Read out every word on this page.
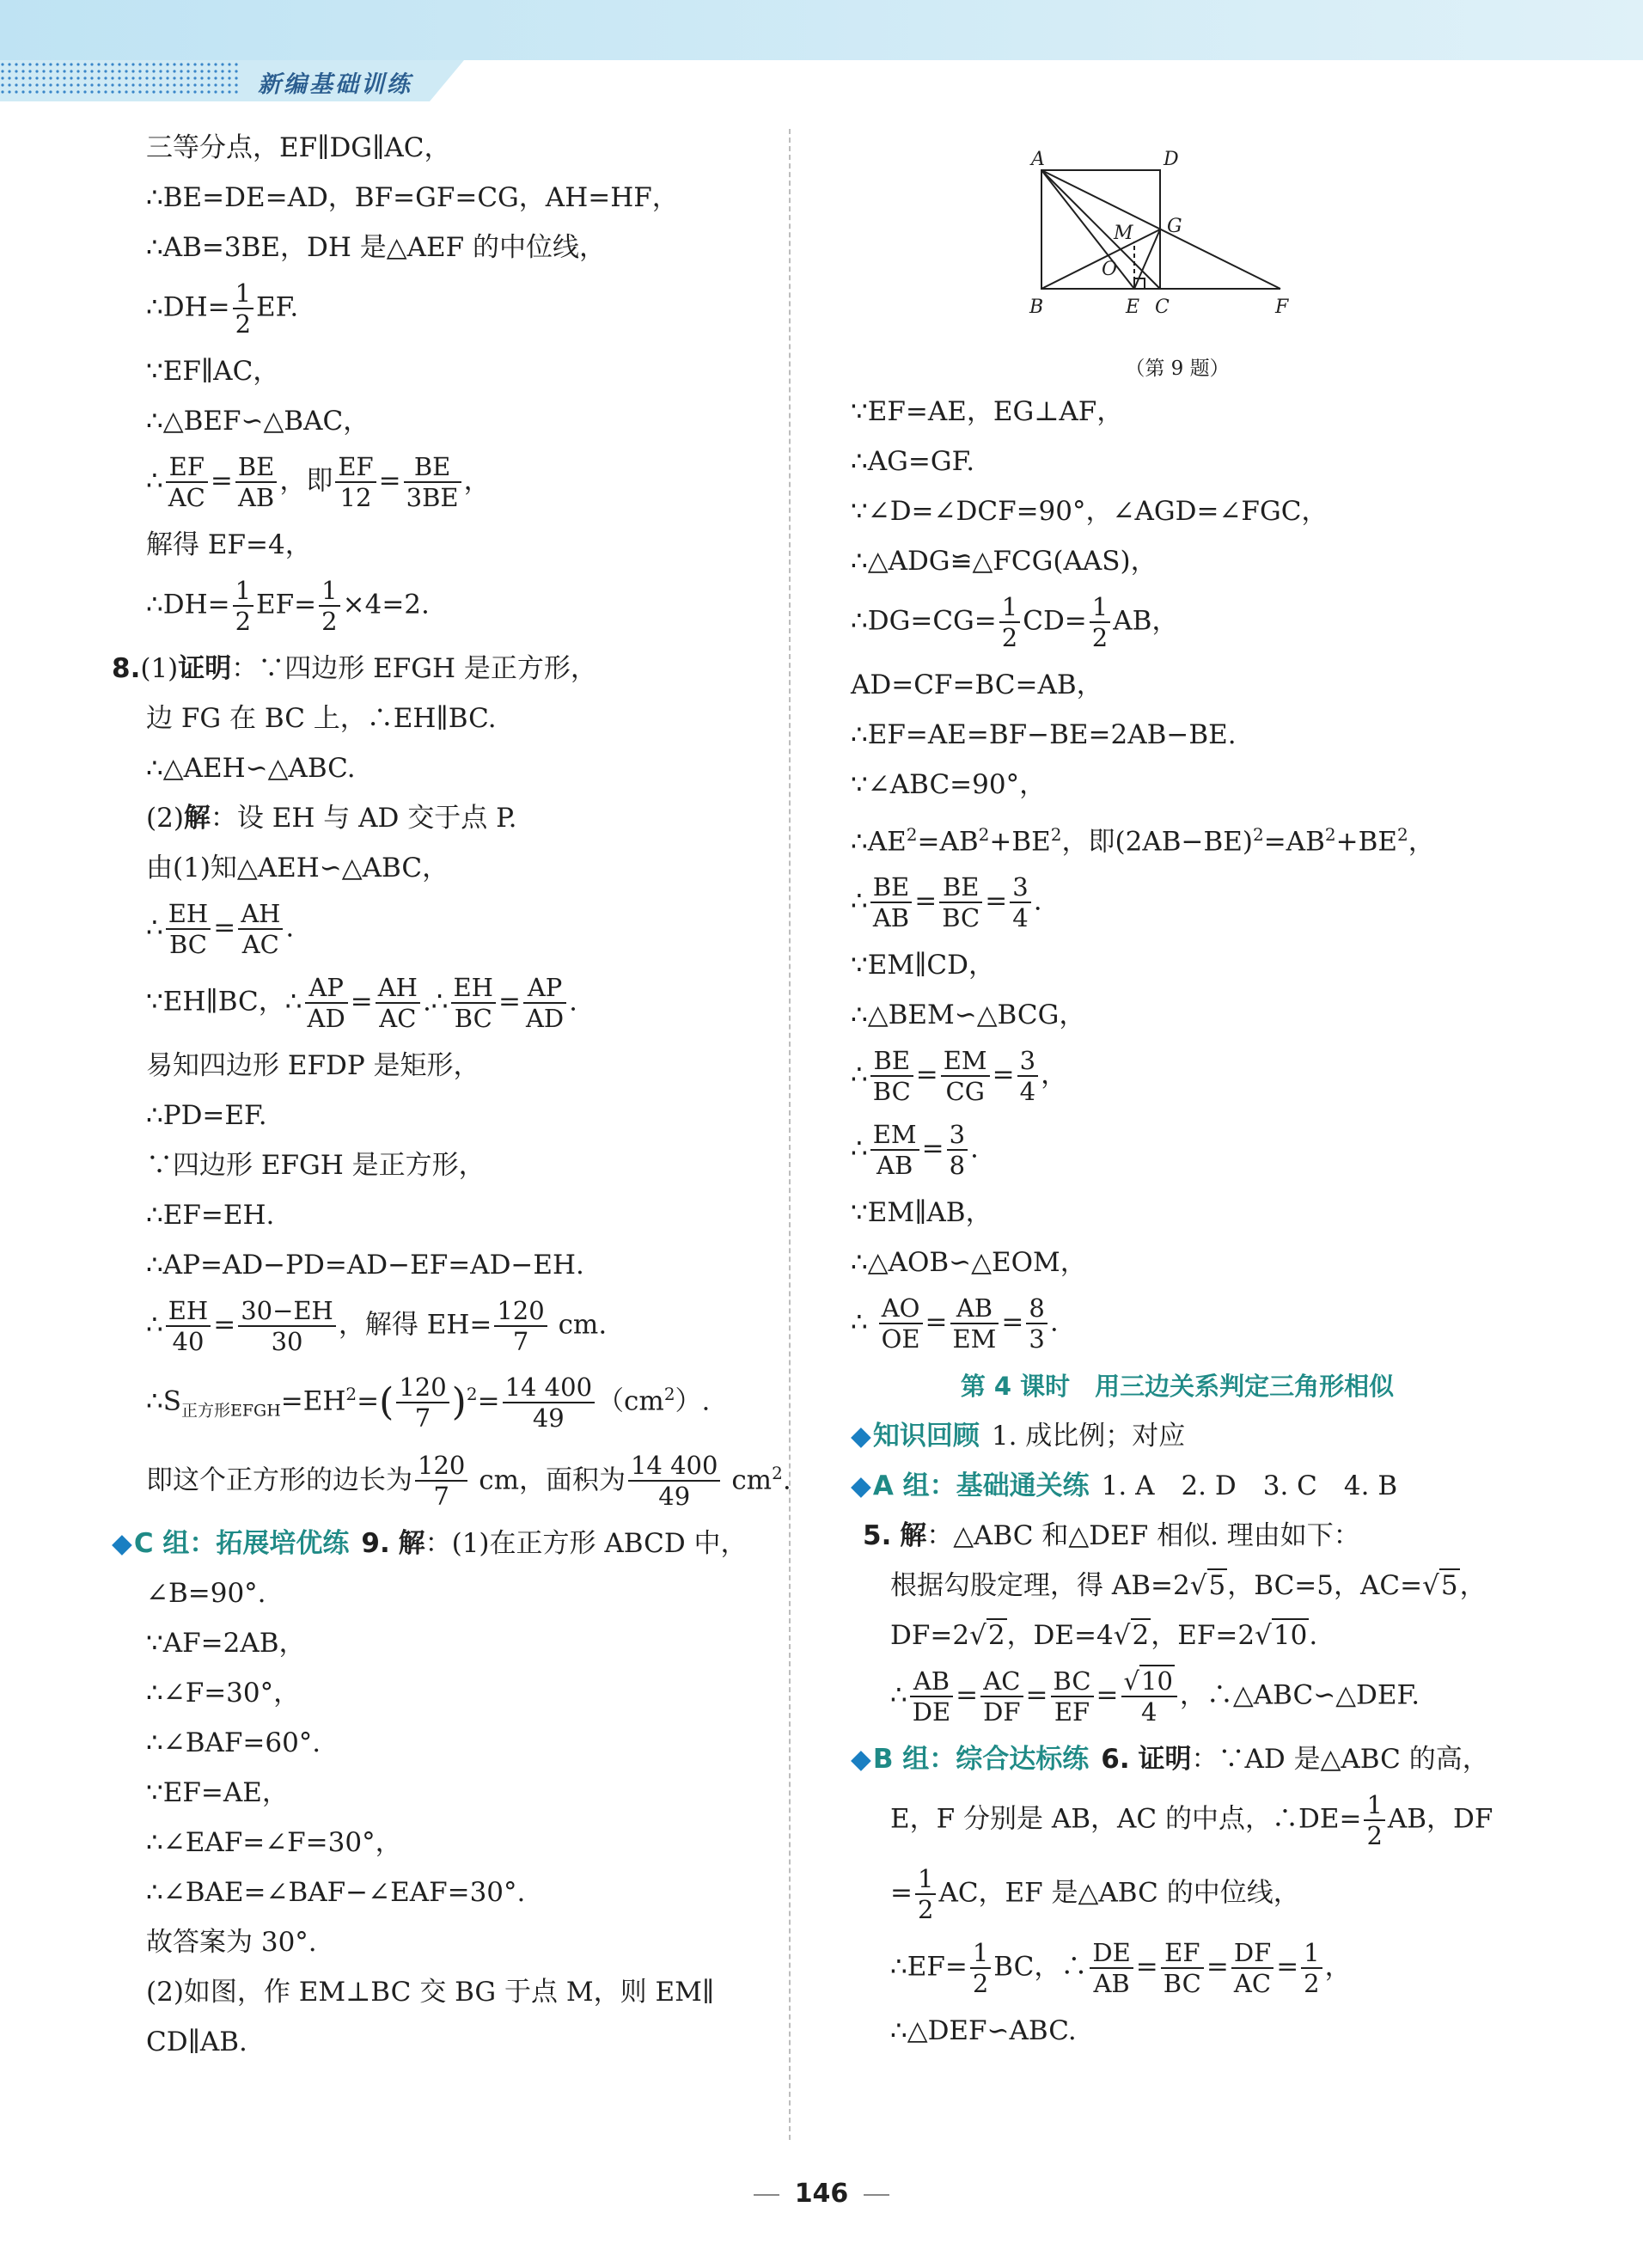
新编基础训练
三等分点，EF∥DG∥AC，
∴BE=DE=AD，BF=GF=CG，AH=HF，
∴AB=3BE，DH 是△AEF 的中位线，
∴DH= $\frac{1}{2}$ EF.
∵EF∥AC，
∴△BEF∽△BAC，
∴ $\frac{EF}{AC} = \frac{BE}{AB}$ ，即 $\frac{EF}{12} = \frac{BE}{3BE}$ ，
解得 EF=4，
∴DH= $\frac{1}{2} EF= \frac{1}{2} \times 4=2$.
8.(1)证明：∵四边形 EFGH 是正方形，
边 FG 在 BC 上，∴EH∥BC.
∴△AEH∽△ABC.
(2)解：设 EH 与 AD 交于点 P.
由(1)知△AEH∽△ABC，
∴ $\frac{EH}{BC} = \frac{AH}{AC}$ .
∵EH∥BC，∴ $\frac{AP}{AD} = \frac{AH}{AC}$ .∴ $\frac{EH}{BC} = \frac{AP}{AD}$ .
易知四边形 EFDP 是矩形，
∴PD=EF.
∵四边形 EFGH 是正方形，
∴EF=EH.
∴AP=AD−PD=AD−EF=AD−EH.
∴ $\frac{EH}{40} = \frac{30-EH}{30}$ ，解得 $EH= \frac{120}{7}$ cm.
$\therefore S_{正方形EFGH}=EH^2=( \frac{120}{7} )^2= \frac{14 400}{49} (cm^2)$.
即这个正方形的边长为 $\frac{120}{7}$ cm，面积为 $\frac{14 400}{49} cm^2$.
◆C 组：拓展培优练 9. 解：(1)在正方形 ABCD 中，
∠B=90°.
∵AF=2AB，
∴∠F=30°，
∴∠BAF=60°.
∵EF=AE，
∴∠EAF=∠F=30°，
∴∠BAE=∠BAF−∠EAF=30°.
故答案为 30°.
(2)如图，作 EM⊥BC 交 BG 于点 M，则 EM∥
CD∥AB.
A	D
G
M
O
B	E C	F
（第 9 题）
∵EF=AE，EG⊥AF，
∴AG=GF.
∵∠D=∠DCF=90°，∠AGD=∠FGC，
∴△ADG≌△FCG(AAS)，
∴DG=CG= $\frac{1}{2} CD= \frac{1}{2}$ AB，
AD=CF=BC=AB，
∴EF=AE=BF−BE=2AB−BE.
∵∠ABC=90°，
$\therefore AE^2=AB^2+BE^2$，即$(2AB-BE)^2=AB^2+BE^2$，
∴ $\frac{BE}{AB} = \frac{BE}{BC} = \frac{3}{4}$ .
∵EM∥CD，
∴△BEM∽△BCG，
∴ $\frac{BE}{BC} = \frac{EM}{CG} = \frac{3}{4}$ ，
∴ $\frac{EM}{AB} = \frac{3}{8}$ .
∵EM∥AB，
∴△AOB∽△EOM，
∴ $\frac{AO}{OE} = \frac{AB}{EM} = \frac{8}{3}$ .
第 4 课时　用三边关系判定三角形相似
◆知识回顾 1. 成比例；对应
◆A 组：基础通关练 1. A　2. D　3. C　4. B
5. 解：△ABC 和△DEF 相似. 理由如下：
根据勾股定理，得 AB=2√5，BC=5，AC=√5，
DF=2√2，DE=4√2，EF=2√10.
∴ $\frac{AB}{DE} = \frac{AC}{DF} = \frac{BC}{EF} = \frac{√10}{4}$ ，∴△ABC∽△DEF.
◆B 组：综合达标练 6. 证明：∵AD 是△ABC 的高，
E，F 分别是 AB，AC 的中点，∴DE= $\frac{1}{2}$ AB，DF
= $\frac{1}{2}$ AC，EF 是△ABC 的中位线，
∴EF= $\frac{1}{2}$ BC，∴ $\frac{DE}{AB} = \frac{EF}{BC} = \frac{DF}{AC} = \frac{1}{2}$ ，
∴△DEF∽ABC.
146
